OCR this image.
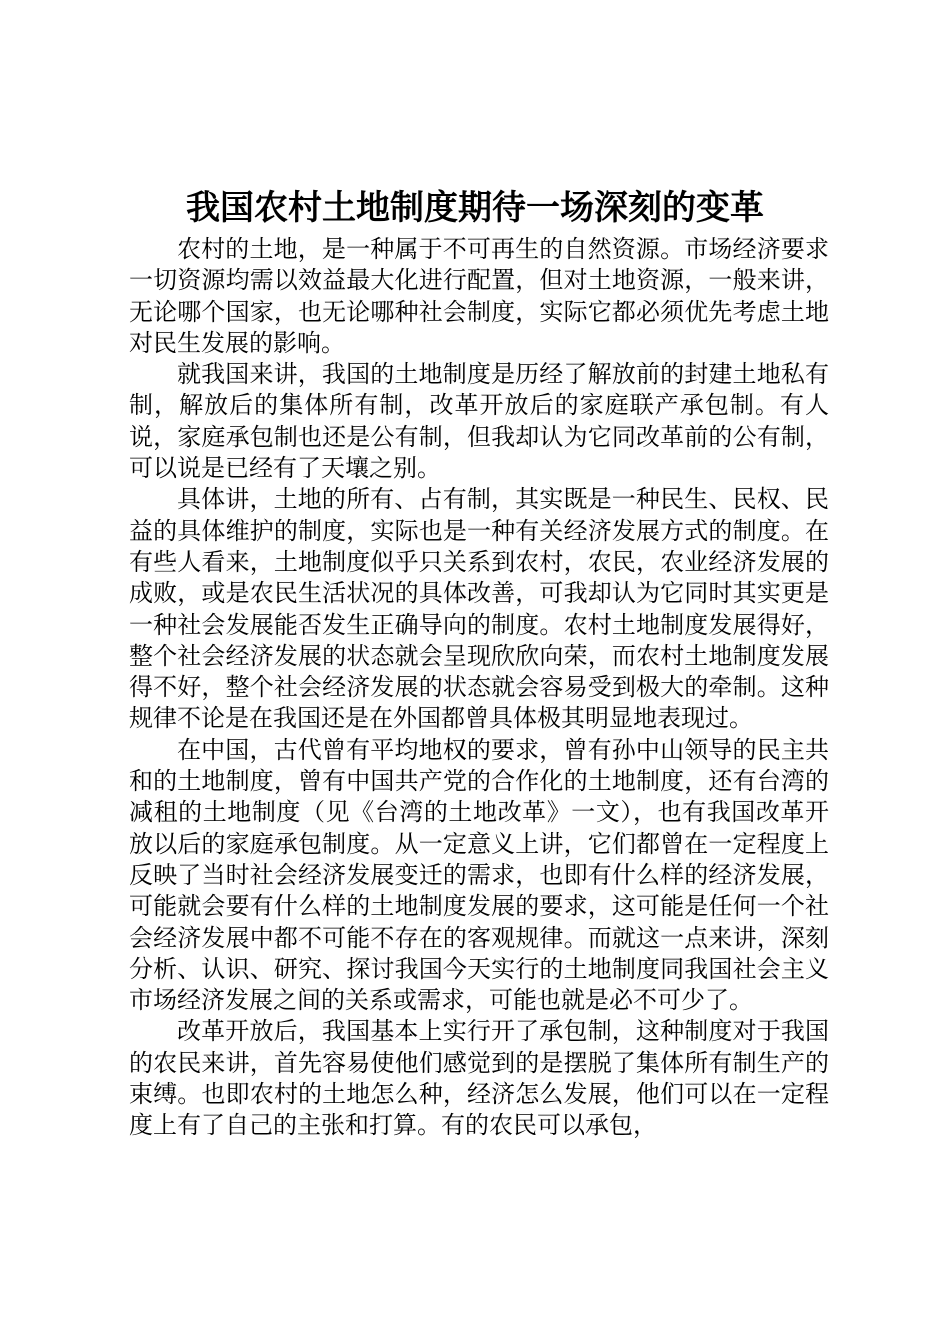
我国农村土地制度期待一场深刻的变革

农村的土地，是一种属于不可再生的自然资源。市场经济要求一切资源均需以效益最大化进行配置，但对土地资源，一般来讲，无论哪个国家，也无论哪种社会制度，实际它都必须优先考虑土地对民生发展的影响。

就我国来讲，我国的土地制度是历经了解放前的封建土地私有制，解放后的集体所有制，改革开放后的家庭联产承包制。有人说，家庭承包制也还是公有制，但我却认为它同改革前的公有制，可以说是已经有了天壤之别。

具体讲，土地的所有、占有制，其实既是一种民生、民权、民益的具体维护的制度，实际也是一种有关经济发展方式的制度。在有些人看来，土地制度似乎只关系到农村，农民，农业经济发展的成败，或是农民生活状况的具体改善，可我却认为它同时其实更是一种社会发展能否发生正确导向的制度。农村土地制度发展得好，整个社会经济发展的状态就会呈现欣欣向荣，而农村土地制度发展得不好，整个社会经济发展的状态就会容易受到极大的牵制。这种规律不论是在我国还是在外国都曾具体极其明显地表现过。

在中国，古代曾有平均地权的要求，曾有孙中山领导的民主共和的土地制度，曾有中国共产党的合作化的土地制度，还有台湾的减租的土地制度（见《台湾的土地改革》一文），也有我国改革开放以后的家庭承包制度。从一定意义上讲，它们都曾在一定程度上反映了当时社会经济发展变迁的需求，也即有什么样的经济发展，可能就会要有什么样的土地制度发展的要求，这可能是任何一个社会经济发展中都不可能不存在的客观规律。而就这一点来讲，深刻分析、认识、研究、探讨我国今天实行的土地制度同我国社会主义市场经济发展之间的关系或需求，可能也就是必不可少了。

改革开放后，我国基本上实行开了承包制，这种制度对于我国的农民来讲，首先容易使他们感觉到的是摆脱了集体所有制生产的束缚。也即农村的土地怎么种，经济怎么发展，他们可以在一定程度上有了自己的主张和打算。有的农民可以承包，
